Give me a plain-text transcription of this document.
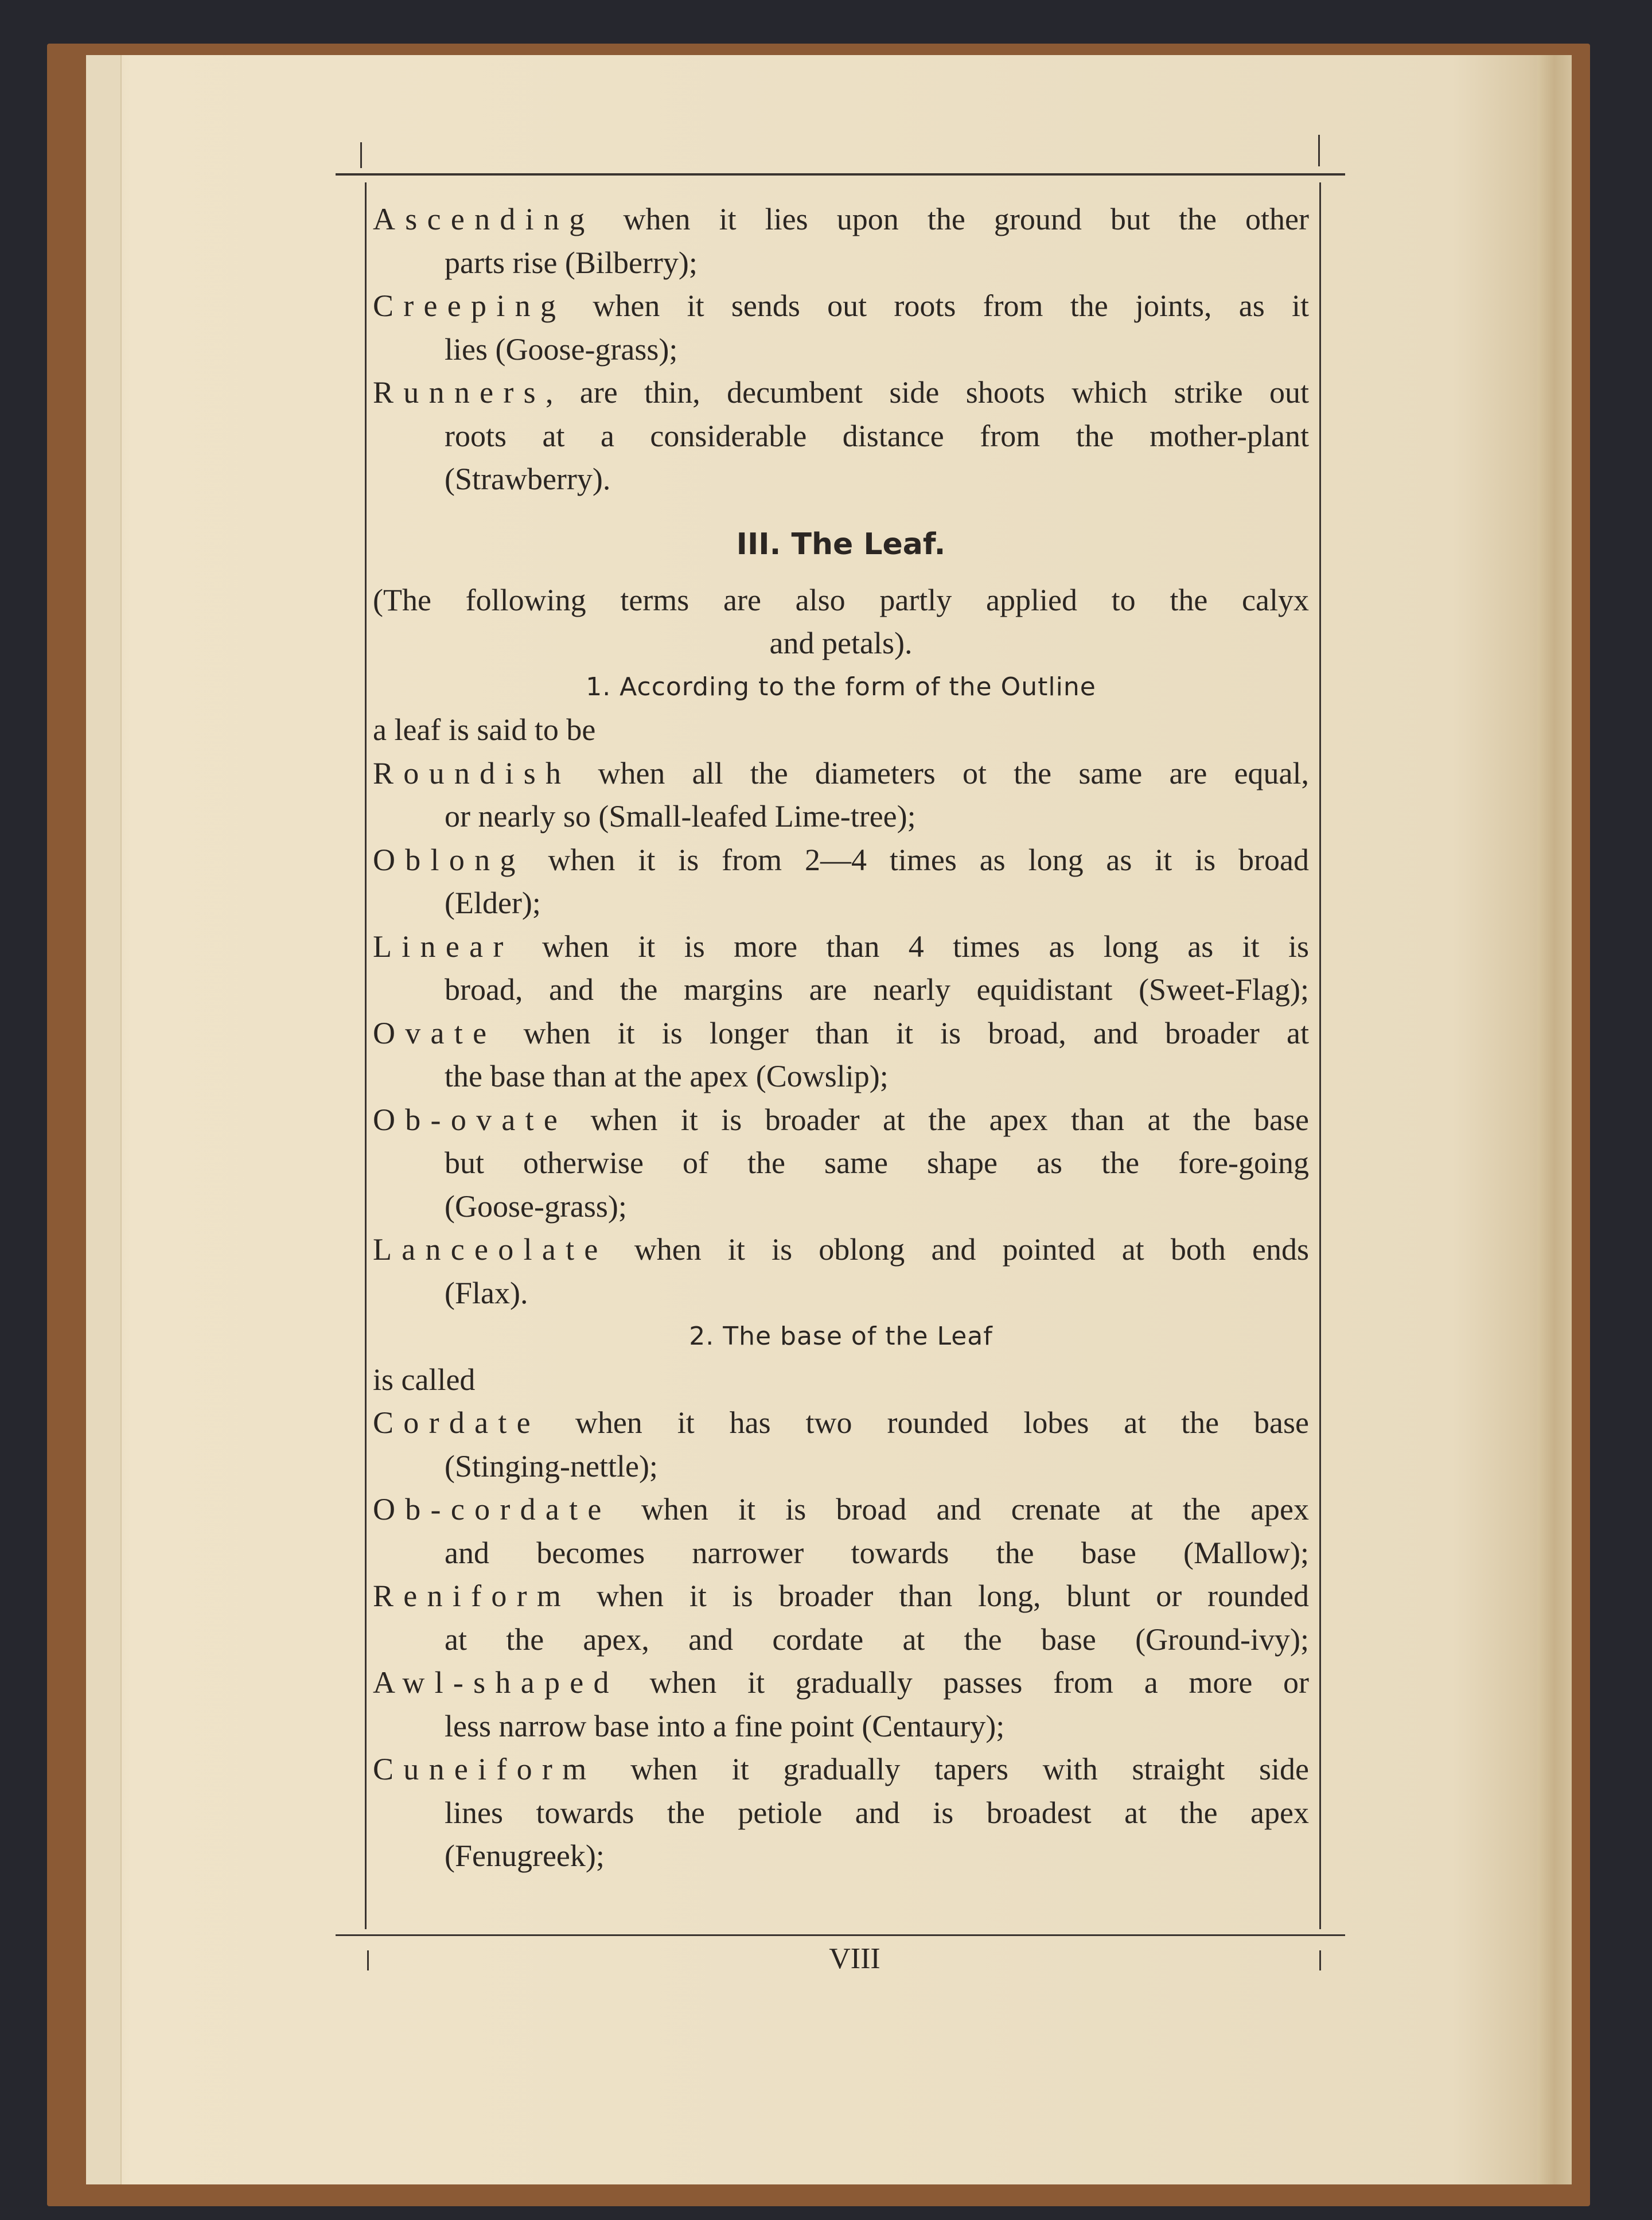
Ascending when it lies upon the ground but the other
parts rise (Bilberry);
Creeping when it sends out roots from the joints, as it
lies (Goose-grass);
Runners, are thin, decumbent side shoots which strike out
roots at a considerable distance from the mother-plant
(Strawberry).
III. The Leaf.
(The following terms are also partly applied to the calyx
and petals).
1. According to the form of the Outline
a leaf is said to be
Roundish when all the diameters ot the same are equal,
or nearly so (Small-leafed Lime-tree);
Oblong when it is from 2—4 times as long as it is broad
(Elder);
Linear when it is more than 4 times as long as it is
broad, and the margins are nearly equidistant (Sweet-Flag);
Ovate when it is longer than it is broad, and broader at
the base than at the apex (Cowslip);
Ob-ovate when it is broader at the apex than at the base
but otherwise of the same shape as the fore-going
(Goose-grass);
Lanceolate when it is oblong and pointed at both ends
(Flax).
2. The base of the Leaf
is called
Cordate when it has two rounded lobes at the base
(Stinging-nettle);
Ob-cordate when it is broad and crenate at the apex
and becomes narrower towards the base (Mallow);
Reniform when it is broader than long, blunt or rounded
at the apex, and cordate at the base (Ground-ivy);
Awl-shaped when it gradually passes from a more or
less narrow base into a fine point (Centaury);
Cuneiform when it gradually tapers with straight side
lines towards the petiole and is broadest at the apex
(Fenugreek);
VIII
